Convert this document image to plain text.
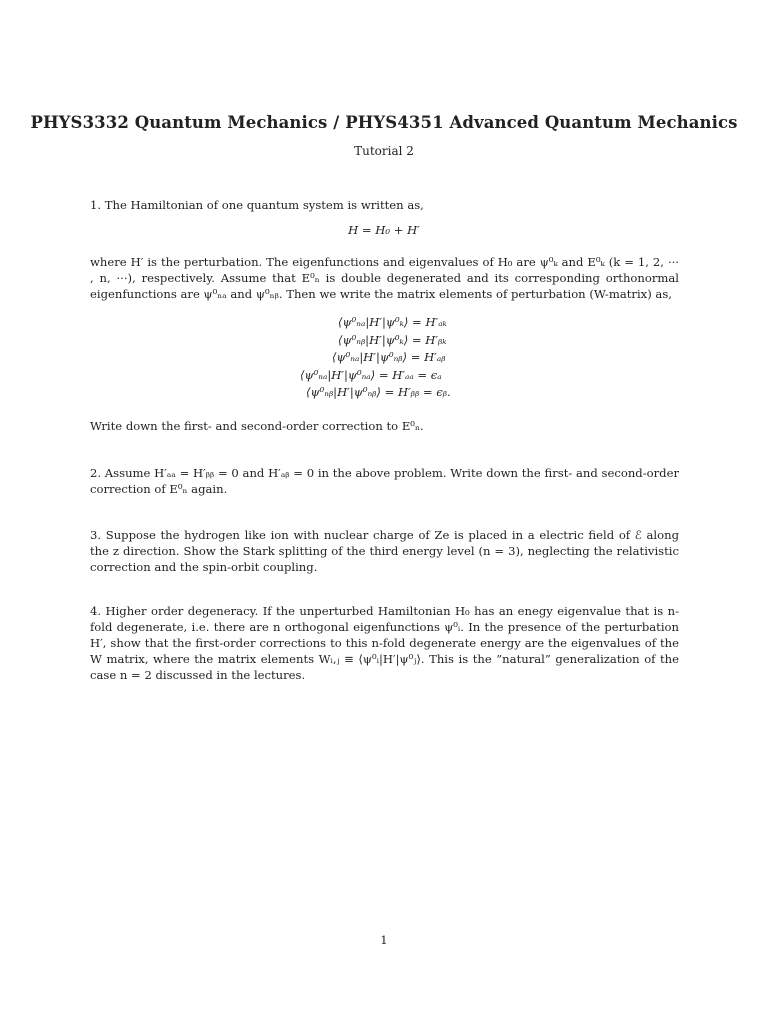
PHYS3332 Quantum Mechanics / PHYS4351 Advanced Quantum Mechanics
Tutorial 2
1. The Hamiltonian of one quantum system is written as,
H = H₀ + H′
where H′ is the perturbation. The eigenfunctions and eigenvalues of H₀ are ψ⁰ₖ and E⁰ₖ (k = 1, 2, ··· , n, ···), respectively. Assume that E⁰ₙ is double degenerated and its corresponding orthonormal eigenfunctions are ψ⁰ₙₐ and ψ⁰ₙᵦ. Then we write the matrix elements of perturbation (W-matrix) as,
⟨ψ⁰ₙₐ|H′|ψ⁰ₖ⟩ = H′ₐₖ
⟨ψ⁰ₙᵦ|H′|ψ⁰ₖ⟩ = H′ᵦₖ
⟨ψ⁰ₙₐ|H′|ψ⁰ₙᵦ⟩ = H′ₐᵦ
⟨ψ⁰ₙₐ|H′|ψ⁰ₙₐ⟩ = H′ₐₐ = ϵₐ
⟨ψ⁰ₙᵦ|H′|ψ⁰ₙᵦ⟩ = H′ᵦᵦ = ϵᵦ.
Write down the first- and second-order correction to E⁰ₙ.
2. Assume H′ₐₐ = H′ᵦᵦ = 0 and H′ₐᵦ = 0 in the above problem. Write down the first- and second-order correction of E⁰ₙ again.
3. Suppose the hydrogen like ion with nuclear charge of Ze is placed in a electric field of ℰ along the z direction. Show the Stark splitting of the third energy level (n = 3), neglecting the relativistic correction and the spin-orbit coupling.
4. Higher order degeneracy. If the unperturbed Hamiltonian H₀ has an enegy eigenvalue that is n-fold degenerate, i.e. there are n orthogonal eigenfunctions ψ⁰ᵢ. In the presence of the perturbation H′, show that the first-order corrections to this n-fold degenerate energy are the eigenvalues of the W matrix, where the matrix elements Wᵢ,ⱼ ≡ ⟨ψ⁰ᵢ|H′|ψ⁰ⱼ⟩. This is the ”natural” generalization of the case n = 2 discussed in the lectures.
1
